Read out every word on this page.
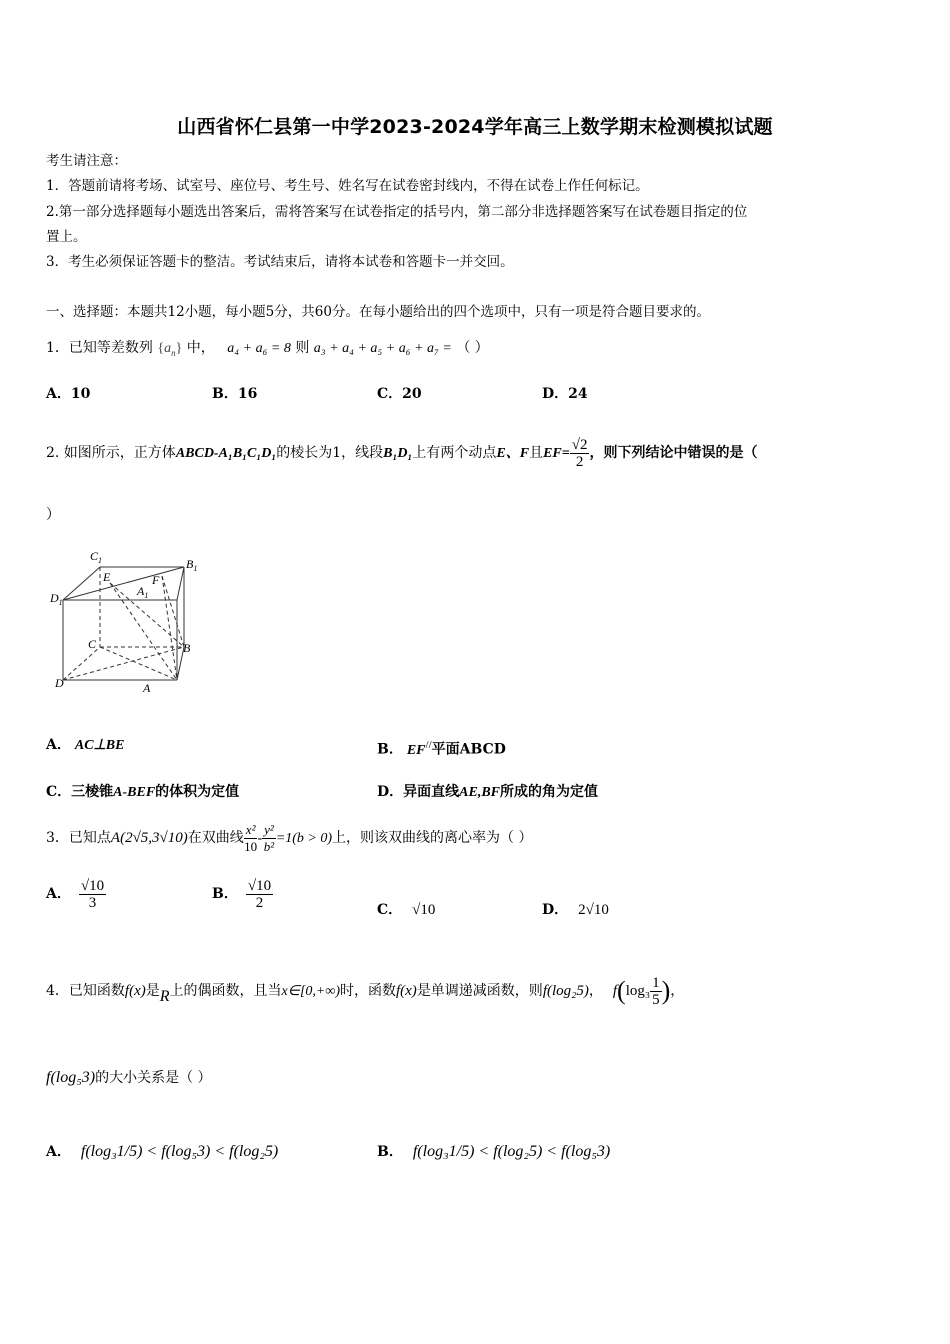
山西省怀仁县第一中学2023-2024学年高三上数学期末检测模拟试题
考生请注意：
1．答题前请将考场、试室号、座位号、考生号、姓名写在试卷密封线内，不得在试卷上作任何标记。
2.第一部分选择题每小题选出答案后，需将答案写在试卷指定的括号内，第二部分非选择题答案写在试卷题目指定的位
置上。
3．考生必须保证答题卡的整洁。考试结束后，请将本试卷和答题卡一并交回。
一、选择题：本题共12小题，每小题5分，共60分。在每小题给出的四个选项中，只有一项是符合题目要求的。
1．已知等差数列 $\{a_n\}$ 中， a₄ + a₆ = 8 则 a₃ + a₄ + a₅ + a₆ + a₇ = （ ）
A．10	B．16	C．20	D．24
2. 如图所示，正方体ABCD-A₁B₁C₁D₁的棱长为1，线段B₁D₁上有两个动点E、F且$EF= \frac{√2}{2}$ ，则下列结论中错误的是（
）
$C_1$	$B_1$
$D_1$
$A_1$
E	F
C	B
D	A
A． AC⊥BE	B． EF//平面ABCD
C．三棱锥A-BEF的体积为定值	D．异面直线AE,BF所成的角为定值
3．已知点A(2√5,3√10)在双曲线 $\frac{\text{x²}}{10} - \frac{\text{y²}}{\text{b²}} =1(b > 0)$上，则该双曲线的离心率为（ ）
A． $\frac{√10}{3}$	B． $\frac{√10}{2}$	C． √10	D． 2√10
4．已知函数f(x)是R上的偶函数，且当x∈[0,+∞)时，函数f(x)是单调递减函数，则f(log₂5)， $f(\log_3 \frac{1}{5}$ )，
f(log₅3)的大小关系是（ ）
A． f(log₃1/5) < f(log₅3) < f(log₂5)	B． f(log₃1/5) < f(log₂5) < f(log₅3)
